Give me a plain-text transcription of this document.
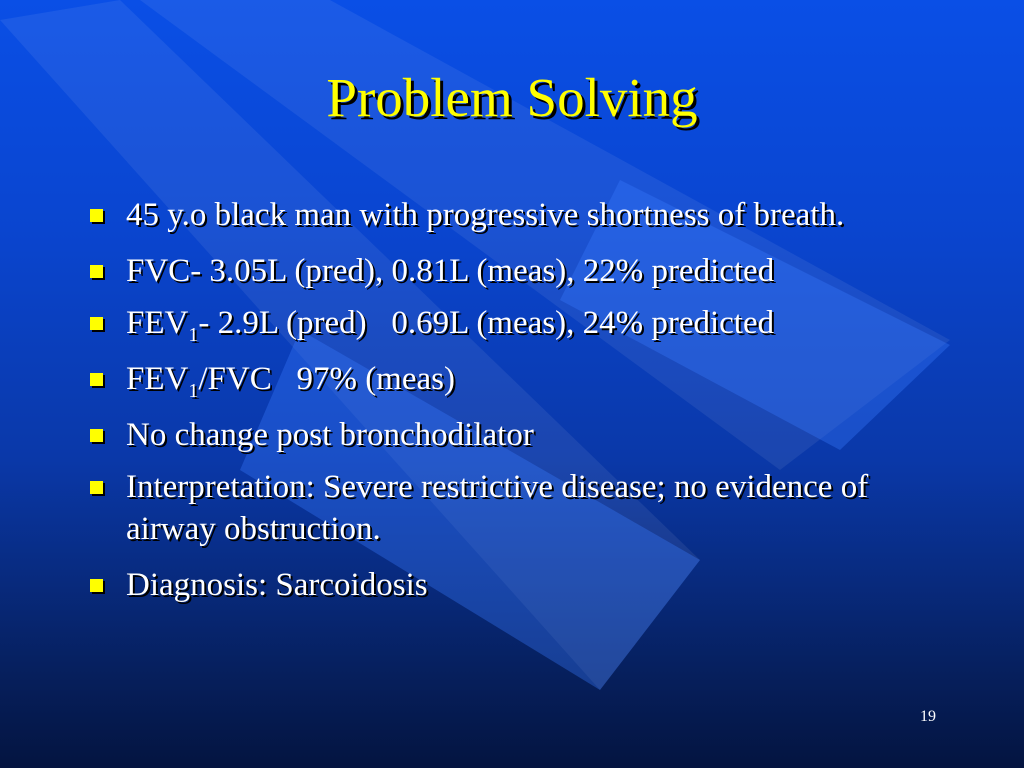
Problem Solving
45 y.o black man with progressive shortness of breath.
FVC- 3.05L (pred), 0.81L (meas), 22% predicted
$FEV_1-$ 2.9L (pred)   0.69L (meas), 24% predicted
$FEV_1$/FVC   97% (meas)
No change post bronchodilator
Interpretation: Severe restrictive disease; no evidence of airway obstruction.
Diagnosis: Sarcoidosis
19
